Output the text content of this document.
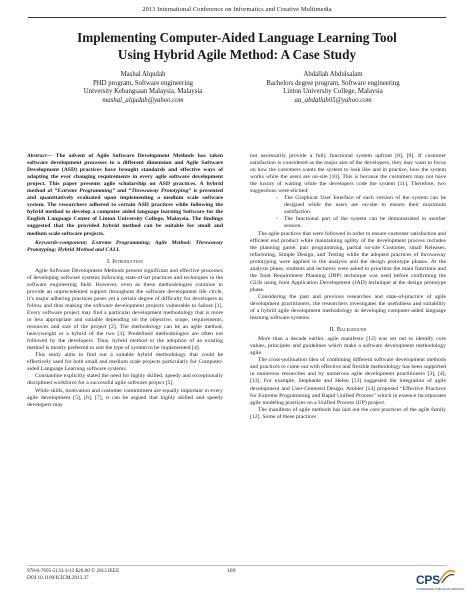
2013 International Conference on Informatics and Creative Multimedia
Implementing Computer-Aided Language Learning Tool
Using Hybrid Agile Method: A Case Study
Mashal Alqudah
PHD program, Software engineering
University Kebangsaan Malaysia, Malaysia
mashal_alqudah@yahoo.com
Abdallah Abdulsalam
Bachelors degree program, Software engineering
Linton University College, Malaysia
aa_abdallah05@yahoo.com

Abstract— The advent of Agile Software Development Methods has taken software development processes to a different dimension and Agile Software Development (ASD) practices have brought standards and effective ways of adapting the ever changing requirements in every agile software development project. This paper presents agile scholarship on ASD practices. A hybrid method of “Extreme Programming” and “Throwaway Prototyping” is presented and quantitatively evaluated upon implementing a medium scale software system. The researchers adhered to certain ASD practices while following the hybrid method to develop a computer aided language learning Software for the English Language Center of Linton University College, Malaysia. The findings suggested that the provided hybrid method can be suitable for small and medium scale software projects.

Keywords-component; Extreme Programming; Agile Method; Throwaway Prototyping; Hybrid Method and CALL

I. Introduction

Agile Software Development Methods present significant and effective processes of developing software systems following state-of-art practices and techniques in the software engineering field. However, even as these methodologies continue to provide an unprecedented support throughout the software development life circle, it’s major adhering practices poses yet a certain degree of difficulty for developers to follow and thus making the software development projects vulnerable to failure [1]. Every software project may find a particular development methodology that is more or less appropriate and suitable depending on the objective, scope, requirements, resources and size of the project [2]. The methodology can be an agile method, heavyweight or a hybrid of the two [3]. Predefined methodologies are often not followed by the developers. Thus, hybrid method or the adoption of an existing method is mostly preferred to suit the type of system to be implemented [4].

This study aims to find out a suitable hybrid methodology that could be effectively used for both small and medium scale projects particularly for Computer-aided Language Learning software systems.

Constantine explicitly stated the need for highly skilled, speedy and exceptionally disciplined workforce for a successful agile software project [5].

While skills, motivation and customer commitment are equally important in every agile development [5], [6], [7], it can be argued that highly skilled and speedy developers may

not necessarily provide a fully functional system upfront [8], [9]. If customer satisfaction is considered as the major aim of the developers, they may want to focus on how the customers wants the system to look like and in practice, how the system works while the users are on-site [10]. This is because the customers may not have the luxury of waiting while the developers code the system [11]. Therefore, two suggestions were elicited:

- The Graphical User Interface of each version of the system can be designed while the users are on-site to ensure their maximum satisfaction.
- The functional part of the system can be demonstrated in another session.

The agile practices that were followed in order to ensure customer satisfaction and efficient end product while maintaining agility of the development process includes the planning game, pair programming, partial on-site Customer, small Releases, refactoring, Simple Design, and Testing while the adopted practices of throwaway prototyping were applied in the analysis and the design prototype phases. At the analysis phase, students and lecturers were asked to prioritize the main functions and the Joint Requirement Planning (JRP) technique was used before confirming the GUIs using Joint Application Development (JAD) technique at the design prototype phase.

Considering the past and previous researches and state-of-practice of agile development practitioners, the researchers investigates the usefulness and suitability of a hybrid agile development methodology in developing computer-aided language learning software systems.

II. Background

More than a decade earlier, agile manifesto [12] was set out to identify core values, principles and guidelines which make a software development methodology agile.

The cross-pollination idea of combining different software development methods and practices to come out with effective and flexible methodology has been supported in numerous researches and by numerous agile development practitioners [3], [4], [13]. For example, Stephanie and Helen [13] suggested the integration of agile development and User-Centered Design. Ambler [14] proposed “Effective Practices for Extreme Programming and Rapid Unified Process” which in essence incorporates agile modeling practices on a Unified Process (UP) project.

The manifesto of agile methods has laid out the core practices of the agile family [12]. Some of these practices

978-0-7695-5133-3/13 $26.00 © 2013 IEEE
DOI 10.1109/ICICM.2013.37
169
CPS
CONFERENCE PUBLISHING SERVICES
